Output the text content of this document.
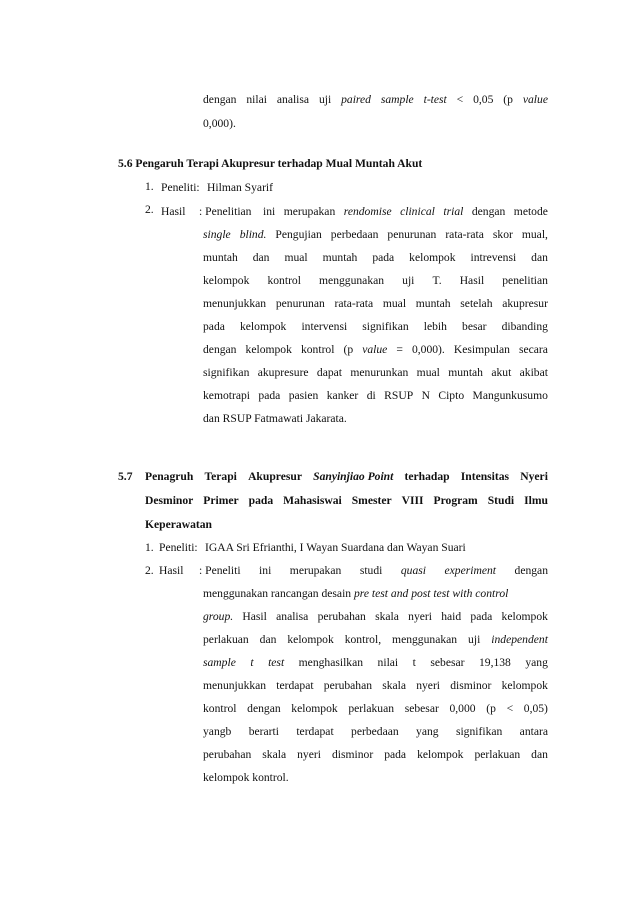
dengan nilai analisa uji paired sample t-test < 0,05 (p value
0,000).
5.6 Pengaruh Terapi Akupresur terhadap Mual Muntah Akut
1. Peneliti: Hilman Syarif
2. Hasil : Penelitian ini merupakan rendomise clinical trial dengan metode
single blind. Pengujian perbedaan penurunan rata-rata skor mual,
muntah dan mual muntah pada kelompok intrevensi dan
kelompok kontrol menggunakan uji T. Hasil penelitian
menunjukkan penurunan rata-rata mual muntah setelah akupresur
pada kelompok intervensi signifikan lebih besar dibanding
dengan kelompok kontrol (p value = 0,000). Kesimpulan secara
signifikan akupresure dapat menurunkan mual muntah akut akibat
kemotrapi pada pasien kanker di RSUP N Cipto Mangunkusumo
dan RSUP Fatmawati Jakarata.
5.7 Penagruh Terapi Akupresur Sanyinjiao Point terhadap Intensitas Nyeri
Desminor Primer pada Mahasiswai Smester VIII Program Studi Ilmu
Keperawatan
1. Peneliti: IGAA Sri Efrianthi, I Wayan Suardana dan Wayan Suari
2. Hasil : Peneliti ini merupakan studi quasi experiment dengan
menggunakan rancangan desain pre test and post test with control
group. Hasil analisa perubahan skala nyeri haid pada kelompok
perlakuan dan kelompok kontrol, menggunakan uji independent
sample t test menghasilkan nilai t sebesar 19,138 yang
menunjukkan terdapat perubahan skala nyeri disminor kelompok
kontrol dengan kelompok perlakuan sebesar 0,000 (p < 0,05)
yangb berarti terdapat perbedaan yang signifikan antara
perubahan skala nyeri disminor pada kelompok perlakuan dan
kelompok kontrol.
